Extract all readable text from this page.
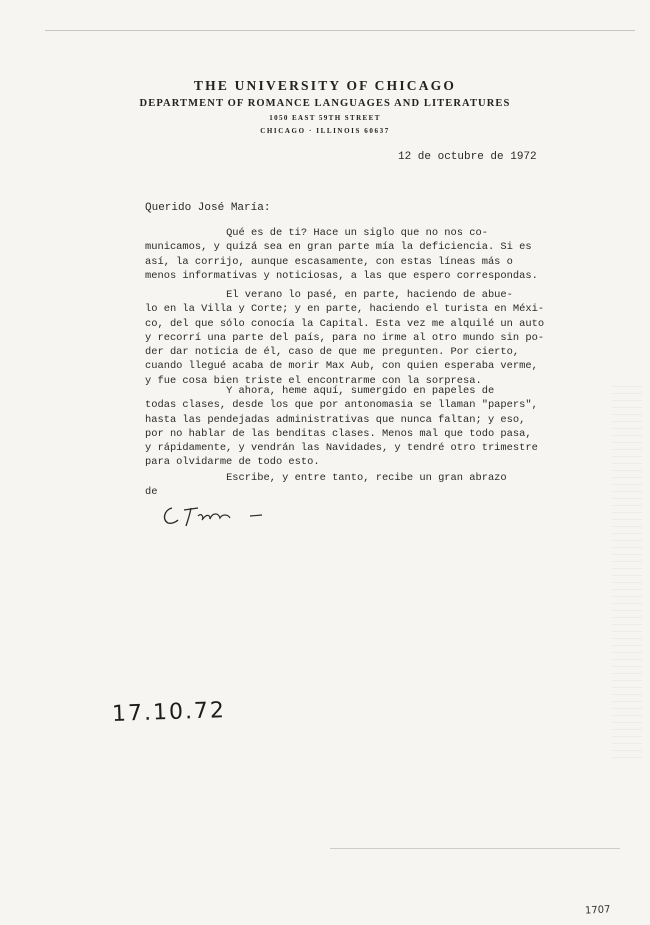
THE UNIVERSITY OF CHICAGO
DEPARTMENT OF ROMANCE LANGUAGES AND LITERATURES
1050 EAST 59TH STREET
CHICAGO · ILLINOIS 60637
12 de octubre de 1972
Querido José María:
Qué es de ti? Hace un siglo que no nos co-
municamos, y quizá sea en gran parte mía la deficiencia. Si es
así, la corrijo, aunque escasamente, con estas líneas más o
menos informativas y noticiosas, a las que espero correspondas.
El verano lo pasé, en parte, haciendo de abue-
lo en la Villa y Corte; y en parte, haciendo el turista en Méxi-
co, del que sólo conocía la Capital. Esta vez me alquilé un auto
y recorrí una parte del país, para no irme al otro mundo sin po-
der dar noticia de él, caso de que me pregunten. Por cierto,
cuando llegué acaba de morir Max Aub, con quien esperaba verme,
y fue cosa bien triste el encontrarme con la sorpresa.
Y ahora, heme aquí, sumergido en papeles de
todas clases, desde los que por antonomasia se llaman "papers",
hasta las pendejadas administrativas que nunca faltan; y eso,
por no hablar de las benditas clases. Menos mal que todo pasa,
y rápidamente, y vendrán las Navidades, y tendré otro trimestre
para olvidarme de todo esto.
Escribe, y entre tanto, recibe un gran abrazo
de
17.10.72
1707
